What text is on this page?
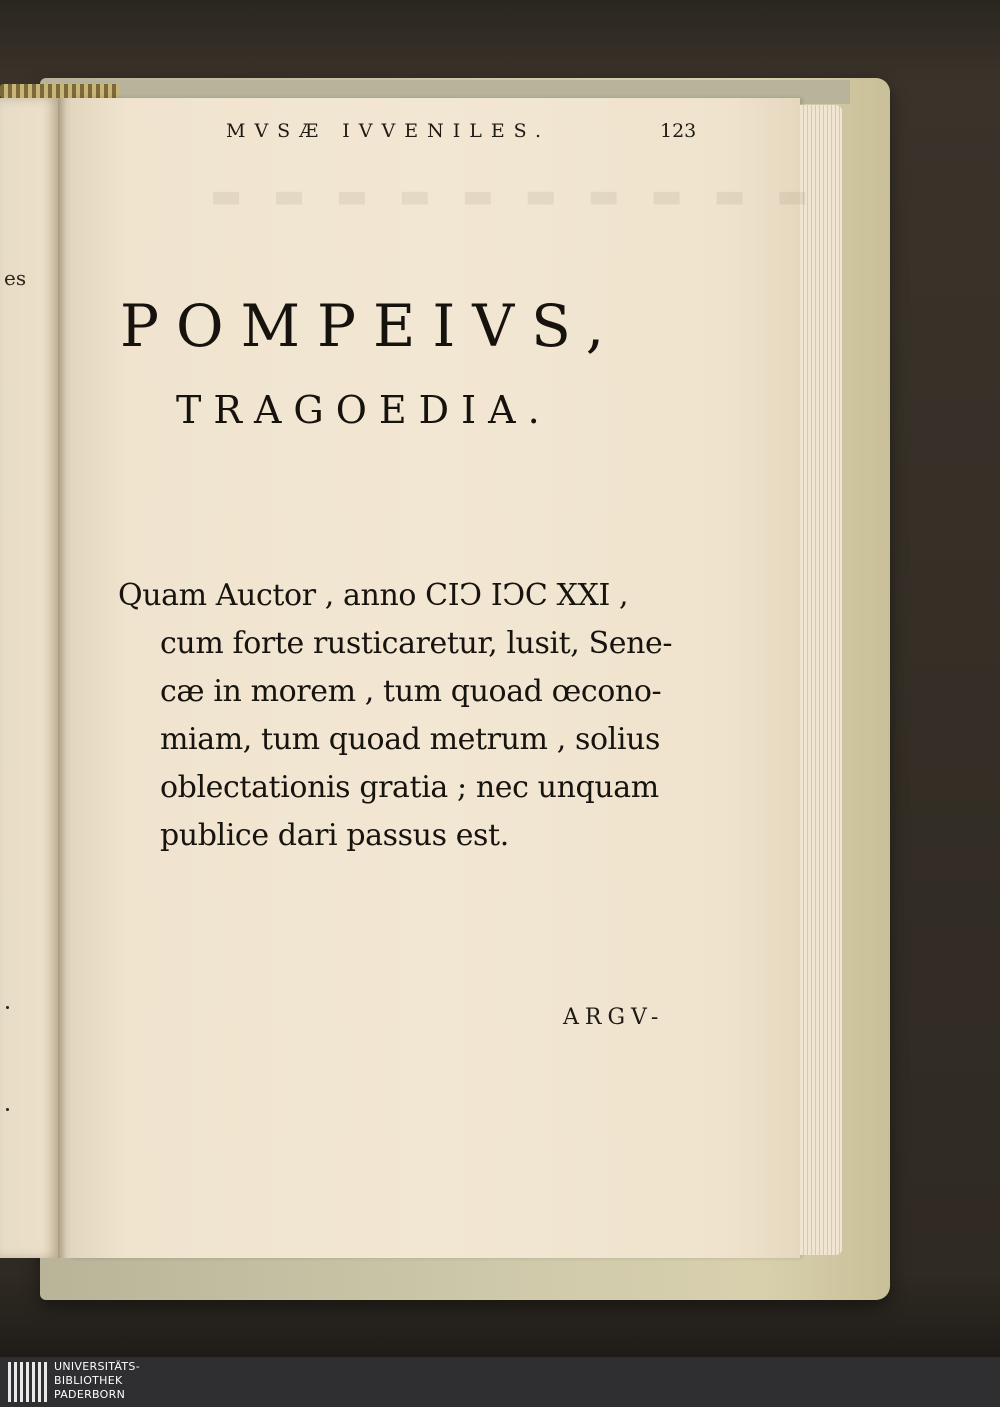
es
▬ ▬ ▬ ▬ ▬ ▬ ▬ ▬ ▬ ▬
MVSÆ IVVENILES.	123
POMPEIVS,
TRAGOEDIA.
Quam Auctor , anno CIↃ IↃC XXI ,
cum forte rusticaretur, lusit, Sene-
cæ in morem , tum quoad œcono-
miam, tum quoad metrum , solius
oblectationis gratia ; nec unquam
publice dari passus est.
ARGV-
UNIVERSITÄTS-
BIBLIOTHEK
PADERBORN
